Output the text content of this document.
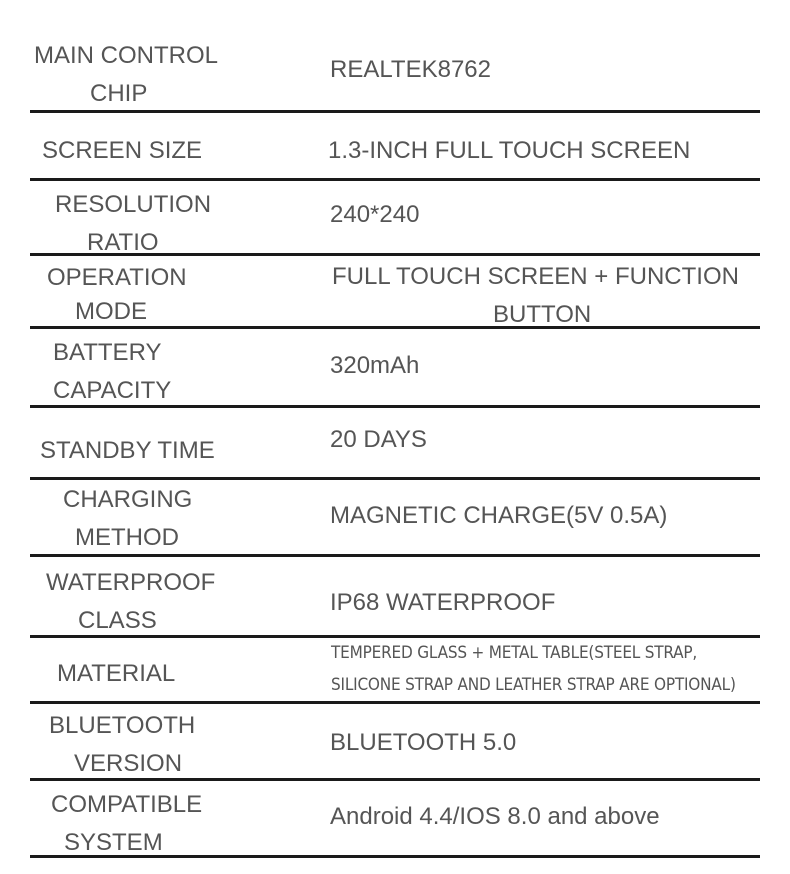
MAIN CONTROL
CHIP
REALTEK8762
SCREEN SIZE	1.3-INCH FULL TOUCH SCREEN
RESOLUTION
RATIO
240*240
OPERATION
MODE
FULL TOUCH SCREEN + FUNCTION
BUTTON
BATTERY
CAPACITY
320mAh
STANDBY TIME	20 DAYS
CHARGING
METHOD
MAGNETIC CHARGE(5V 0.5A)
WATERPROOF
CLASS
IP68 WATERPROOF
MATERIAL
TEMPERED GLASS + METAL TABLE(STEEL STRAP,
SILICONE STRAP AND LEATHER STRAP ARE OPTIONAL)
BLUETOOTH
VERSION
BLUETOOTH 5.0
COMPATIBLE
SYSTEM
Android 4.4/IOS 8.0 and above
